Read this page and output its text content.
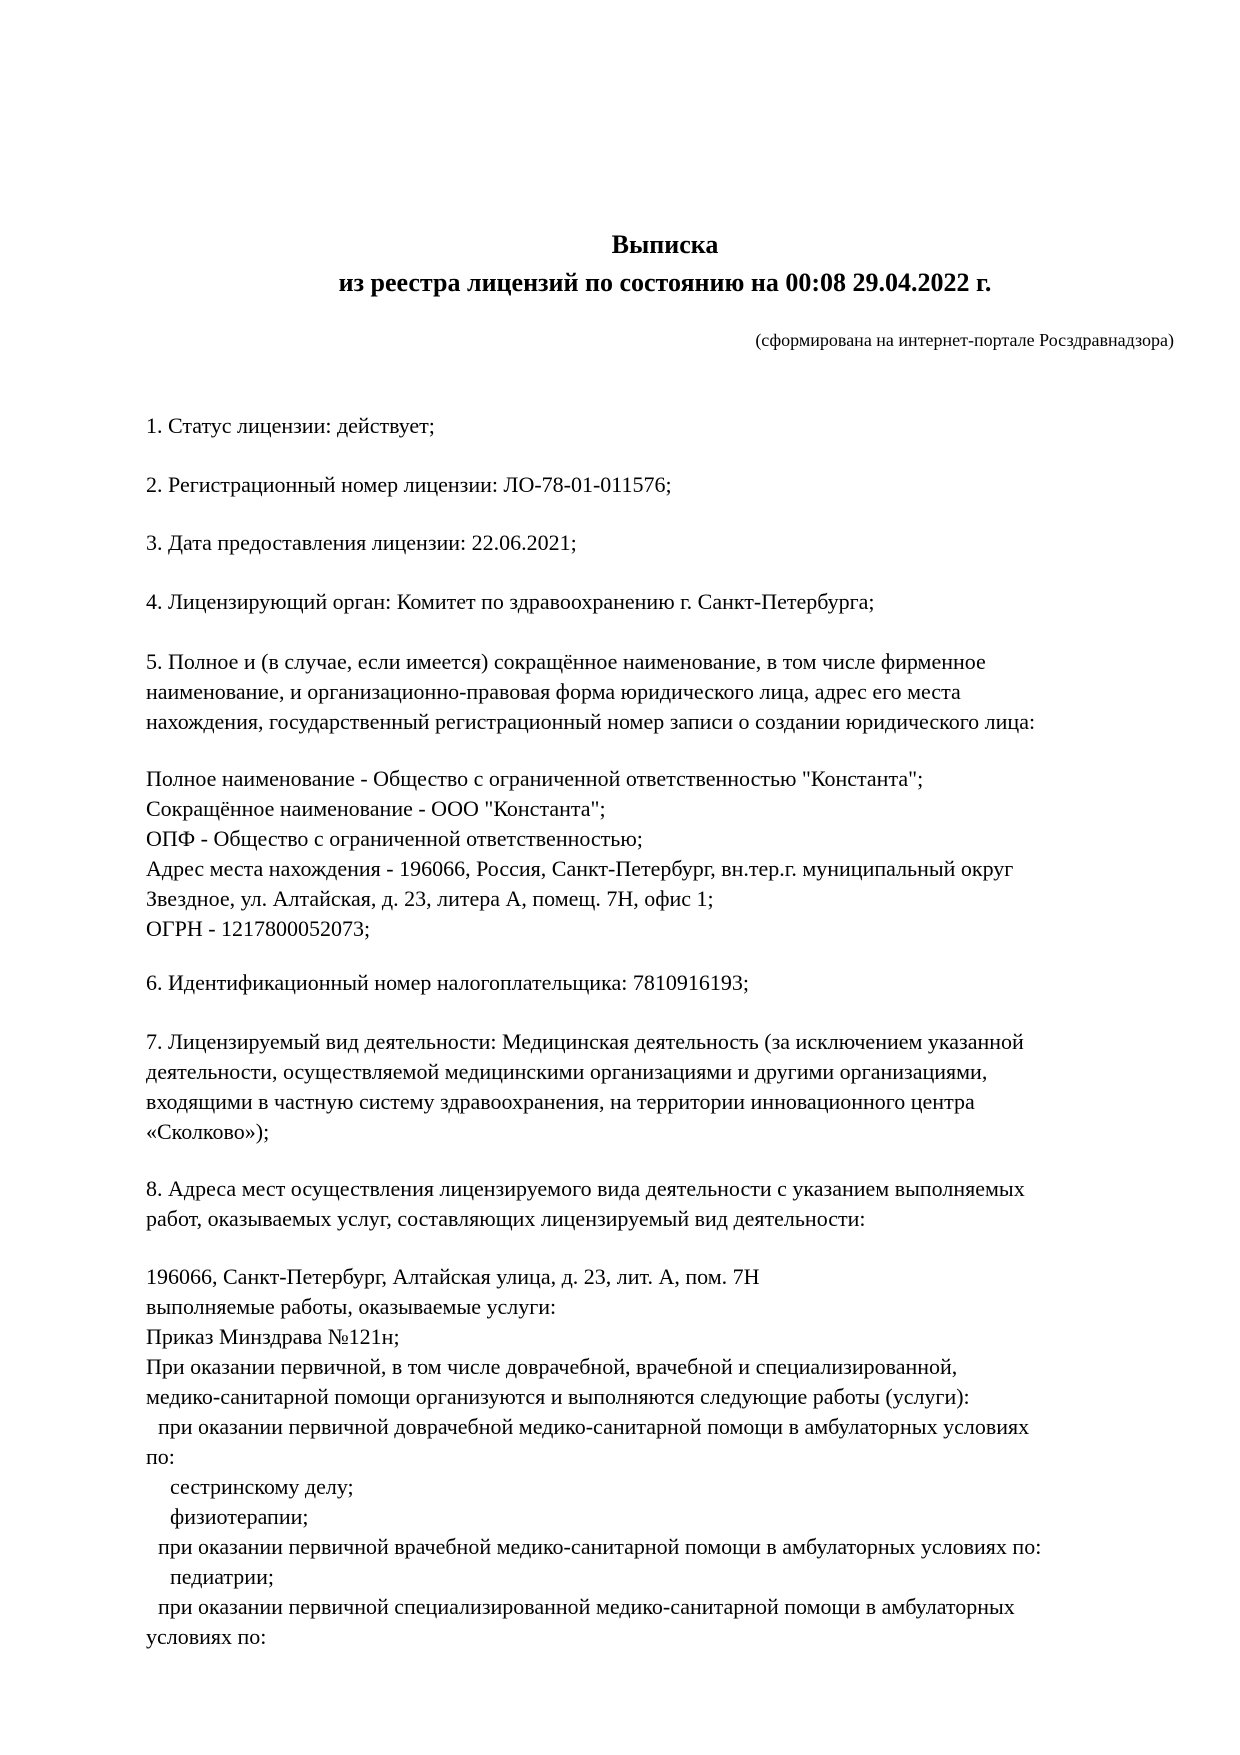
Выписка
из реестра лицензий по состоянию на 00:08 29.04.2022 г.
(сформирована на интернет-портале Росздравнадзора)

1. Статус лицензии: действует;

2. Регистрационный номер лицензии: ЛО-78-01-011576;

3. Дата предоставления лицензии: 22.06.2021;

4. Лицензирующий орган: Комитет по здравоохранению г. Санкт-Петербурга;

5. Полное и (в случае, если имеется) сокращённое наименование, в том числе фирменное

наименование, и организационно-правовая форма юридического лица, адрес его места

нахождения, государственный регистрационный номер записи о создании юридического лица:

Полное наименование - Общество с ограниченной ответственностью "Константа";

Сокращённое наименование - ООО "Константа";

ОПФ - Общество с ограниченной ответственностью;

Адрес места нахождения - 196066, Россия, Санкт-Петербург, вн.тер.г. муниципальный округ

Звездное, ул. Алтайская, д. 23, литера А, помещ. 7Н, офис 1;

ОГРН - 1217800052073;

6. Идентификационный номер налогоплательщика: 7810916193;

7. Лицензируемый вид деятельности: Медицинская деятельность (за исключением указанной

деятельности, осуществляемой медицинскими организациями и другими организациями,

входящими в частную систему здравоохранения, на территории инновационного центра

«Сколково»);

8. Адреса мест осуществления лицензируемого вида деятельности с указанием выполняемых

работ, оказываемых услуг, составляющих лицензируемый вид деятельности:

196066, Санкт-Петербург, Алтайская улица, д. 23, лит. А, пом. 7Н

выполняемые работы, оказываемые услуги:

Приказ Минздрава №121н;

При оказании первичной, в том числе доврачебной, врачебной и специализированной,

медико-санитарной помощи организуются и выполняются следующие работы (услуги):

при оказании первичной доврачебной медико-санитарной помощи в амбулаторных условиях

по:

сестринскому делу;

физиотерапии;

при оказании первичной врачебной медико-санитарной помощи в амбулаторных условиях по:

педиатрии;

при оказании первичной специализированной медико-санитарной помощи в амбулаторных

условиях по:
